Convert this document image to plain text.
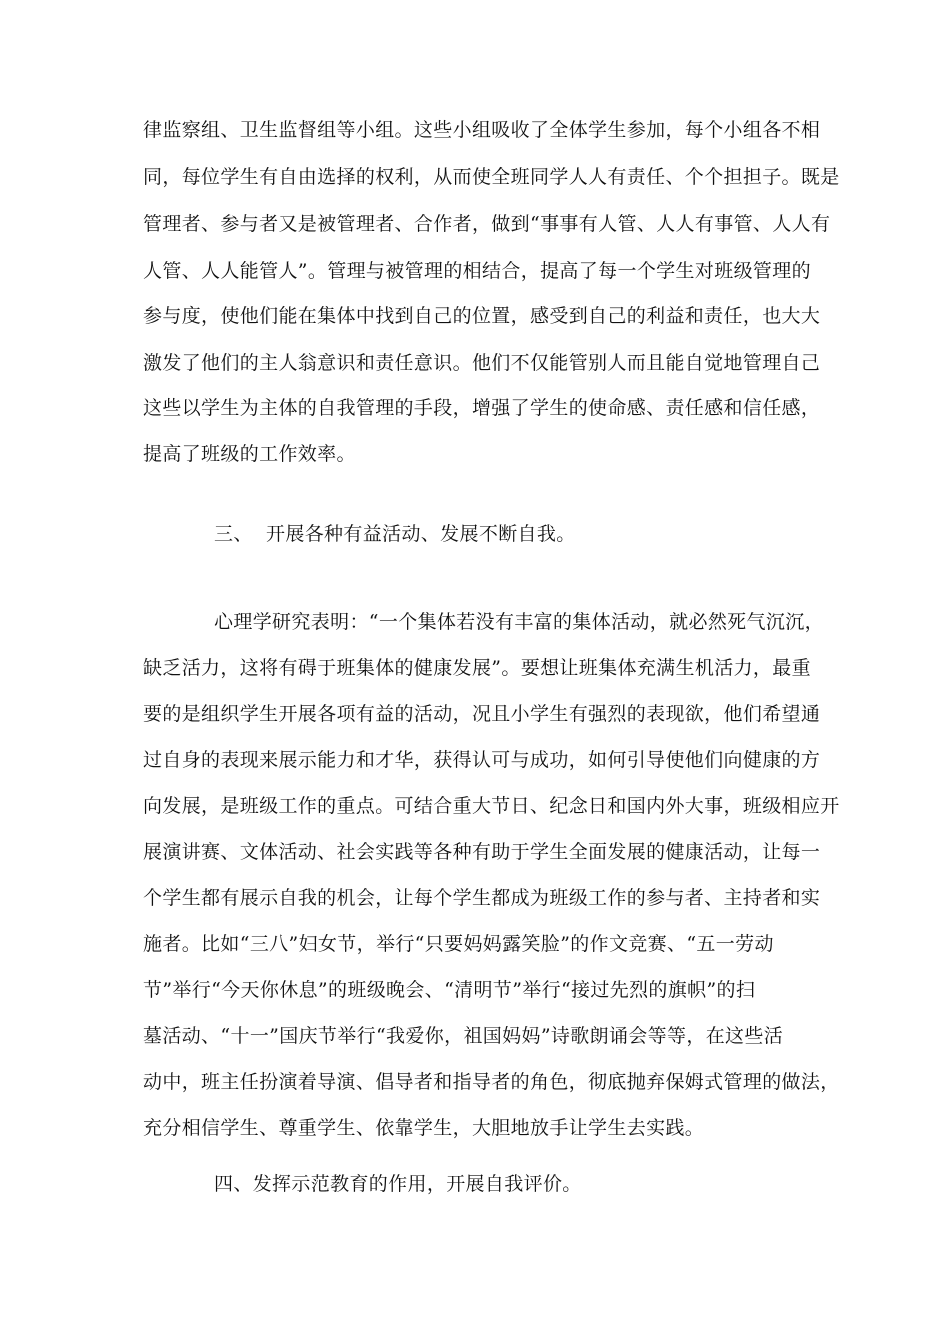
律监察组、卫生监督组等小组。这些小组吸收了全体学生参加，每个小组各不相
同，每位学生有自由选择的权利，从而使全班同学人人有责任、个个担担子。既是
管理者、参与者又是被管理者、合作者，做到“事事有人管、人人有事管、人人有
人管、人人能管人”。管理与被管理的相结合，提高了每一个学生对班级管理的
参与度，使他们能在集体中找到自己的位置，感受到自己的利益和责任，也大大
激发了他们的主人翁意识和责任意识。他们不仅能管别人而且能自觉地管理自己
这些以学生为主体的自我管理的手段，增强了学生的使命感、责任感和信任感，
提高了班级的工作效率。
三、 开展各种有益活动、发展不断自我。
心理学研究表明：“一个集体若没有丰富的集体活动，就必然死气沉沉，
缺乏活力，这将有碍于班集体的健康发展”。要想让班集体充满生机活力，最重
要的是组织学生开展各项有益的活动，况且小学生有强烈的表现欲，他们希望通
过自身的表现来展示能力和才华，获得认可与成功，如何引导使他们向健康的方
向发展，是班级工作的重点。可结合重大节日、纪念日和国内外大事，班级相应开
展演讲赛、文体活动、社会实践等各种有助于学生全面发展的健康活动，让每一
个学生都有展示自我的机会，让每个学生都成为班级工作的参与者、主持者和实
施者。比如“三八”妇女节，举行“只要妈妈露笑脸”的作文竞赛、“五一劳动
节”举行“今天你休息”的班级晚会、“清明节”举行“接过先烈的旗帜”的扫
墓活动、“十一”国庆节举行“我爱你，祖国妈妈”诗歌朗诵会等等，在这些活
动中，班主任扮演着导演、倡导者和指导者的角色，彻底抛弃保姆式管理的做法，
充分相信学生、尊重学生、依靠学生，大胆地放手让学生去实践。
四、发挥示范教育的作用，开展自我评价。
